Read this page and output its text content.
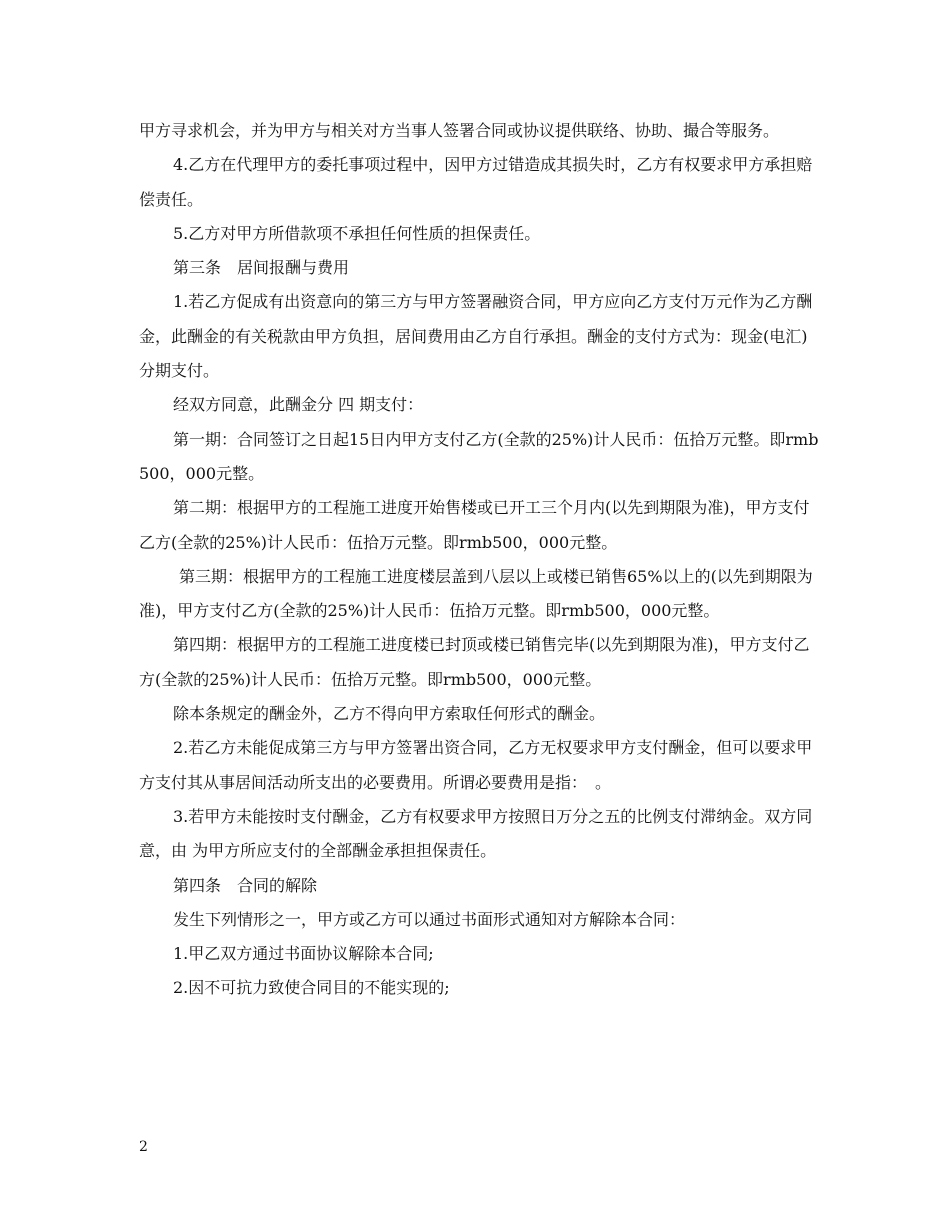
甲方寻求机会，并为甲方与相关对方当事人签署合同或协议提供联络、协助、撮合等服务。

4.乙方在代理甲方的委托事项过程中，因甲方过错造成其损失时，乙方有权要求甲方承担赔偿责任。

5.乙方对甲方所借款项不承担任何性质的担保责任。

第三条　居间报酬与费用

1.若乙方促成有出资意向的第三方与甲方签署融资合同，甲方应向乙方支付万元作为乙方酬金，此酬金的有关税款由甲方负担，居间费用由乙方自行承担。酬金的支付方式为：现金(电汇)分期支付。

经双方同意，此酬金分 四 期支付：

第一期：合同签订之日起15日内甲方支付乙方(全款的25%)计人民币：伍拾万元整。即rmb500，000元整。

第二期：根据甲方的工程施工进度开始售楼或已开工三个月内(以先到期限为准)，甲方支付乙方(全款的25%)计人民币：伍拾万元整。即rmb500，000元整。

第三期：根据甲方的工程施工进度楼层盖到八层以上或楼已销售65%以上的(以先到期限为准)，甲方支付乙方(全款的25%)计人民币：伍拾万元整。即rmb500，000元整。

第四期：根据甲方的工程施工进度楼已封顶或楼已销售完毕(以先到期限为准)，甲方支付乙方(全款的25%)计人民币：伍拾万元整。即rmb500，000元整。

除本条规定的酬金外，乙方不得向甲方索取任何形式的酬金。

2.若乙方未能促成第三方与甲方签署出资合同，乙方无权要求甲方支付酬金，但可以要求甲方支付其从事居间活动所支出的必要费用。所谓必要费用是指：　。

3.若甲方未能按时支付酬金，乙方有权要求甲方按照日万分之五的比例支付滞纳金。双方同意，由 为甲方所应支付的全部酬金承担担保责任。

第四条　合同的解除

发生下列情形之一，甲方或乙方可以通过书面形式通知对方解除本合同：

1.甲乙双方通过书面协议解除本合同;

2.因不可抗力致使合同目的不能实现的;

2
